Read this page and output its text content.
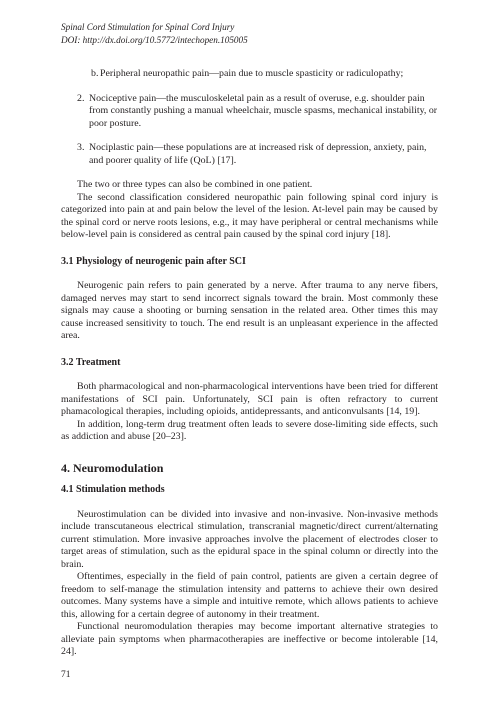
Spinal Cord Stimulation for Spinal Cord Injury
DOI: http://dx.doi.org/10.5772/intechopen.105005
b. Peripheral neuropathic pain—pain due to muscle spasticity or radiculopathy;
2. Nociceptive pain—the musculoskeletal pain as a result of overuse, e.g. shoulder pain from constantly pushing a manual wheelchair, muscle spasms, mechanical instability, or poor posture.
3. Nociplastic pain—these populations are at increased risk of depression, anxiety, pain, and poorer quality of life (QoL) [17].

The two or three types can also be combined in one patient.

The second classification considered neuropathic pain following spinal cord injury is categorized into pain at and pain below the level of the lesion. At-level pain may be caused by the spinal cord or nerve roots lesions, e.g., it may have peripheral or central mechanisms while below-level pain is considered as central pain caused by the spinal cord injury [18].

3.1 Physiology of neurogenic pain after SCI

Neurogenic pain refers to pain generated by a nerve. After trauma to any nerve fibers, damaged nerves may start to send incorrect signals toward the brain. Most commonly these signals may cause a shooting or burning sensation in the related area. Other times this may cause increased sensitivity to touch. The end result is an unpleasant experience in the affected area.

3.2 Treatment

Both pharmacological and non-pharmacological interventions have been tried for different manifestations of SCI pain. Unfortunately, SCI pain is often refractory to current phamacological therapies, including opioids, antidepressants, and anticonvulsants [14, 19].

In addition, long-term drug treatment often leads to severe dose-limiting side effects, such as addiction and abuse [20–23].

4. Neuromodulation

4.1 Stimulation methods

Neurostimulation can be divided into invasive and non-invasive. Non-invasive methods include transcutaneous electrical stimulation, transcranial magnetic/direct current/alternating current stimulation. More invasive approaches involve the placement of electrodes closer to target areas of stimulation, such as the epidural space in the spinal column or directly into the brain.

Oftentimes, especially in the field of pain control, patients are given a certain degree of freedom to self-manage the stimulation intensity and patterns to achieve their own desired outcomes. Many systems have a simple and intuitive remote, which allows patients to achieve this, allowing for a certain degree of autonomy in their treatment.

Functional neuromodulation therapies may become important alternative strategies to alleviate pain symptoms when pharmacotherapies are ineffective or become intolerable [14, 24].

71
